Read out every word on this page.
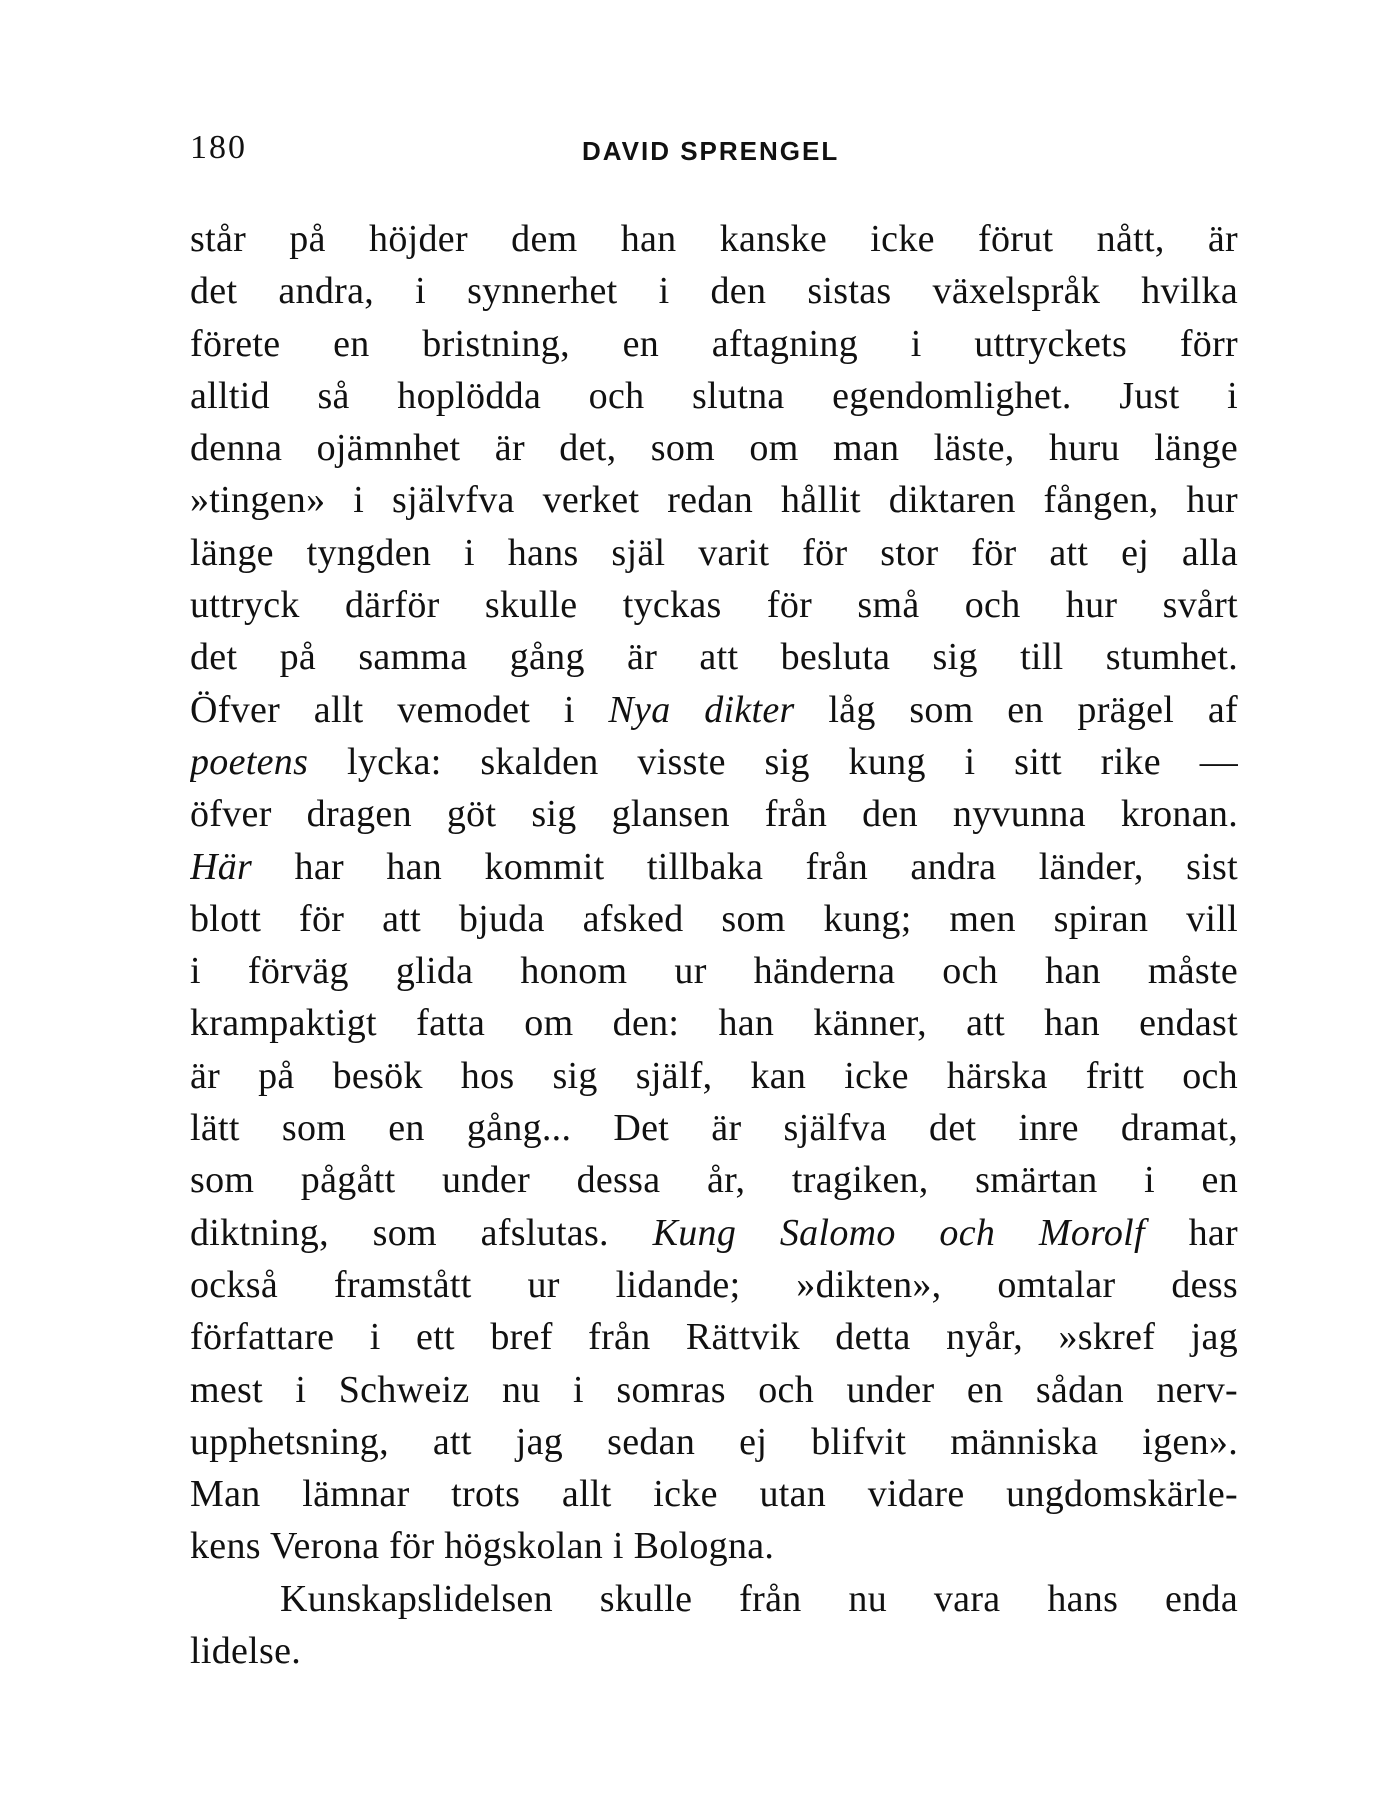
180	DAVID SPRENGEL
står på höjder dem han kanske icke förut nått, är
det andra, i synnerhet i den sistas växelspråk hvilka
förete en bristning, en aftagning i uttryckets förr
alltid så hoplödda och slutna egendomlighet. Just i
denna ojämnhet är det, som om man läste, huru länge
»tingen» i självfva verket redan hållit diktaren fången, hur
länge tyngden i hans själ varit för stor för att ej alla
uttryck därför skulle tyckas för små och hur svårt
det på samma gång är att besluta sig till stumhet.
Öfver allt vemodet i Nya dikter låg som en prägel af
poetens lycka: skalden visste sig kung i sitt rike —
öfver dragen göt sig glansen från den nyvunna kronan.
Här har han kommit tillbaka från andra länder, sist
blott för att bjuda afsked som kung; men spiran vill
i förväg glida honom ur händerna och han måste
krampaktigt fatta om den: han känner, att han endast
är på besök hos sig själf, kan icke härska fritt och
lätt som en gång... Det är själfva det inre dramat,
som pågått under dessa år, tragiken, smärtan i en
diktning, som afslutas. Kung Salomo och Morolf har
också framstått ur lidande; »dikten», omtalar dess
författare i ett bref från Rättvik detta nyår, »skref jag
mest i Schweiz nu i somras och under en sådan nerv-
upphetsning, att jag sedan ej blifvit människa igen».
Man lämnar trots allt icke utan vidare ungdomskärle-
kens Verona för högskolan i Bologna.
Kunskapslidelsen skulle från nu vara hans enda
lidelse.
